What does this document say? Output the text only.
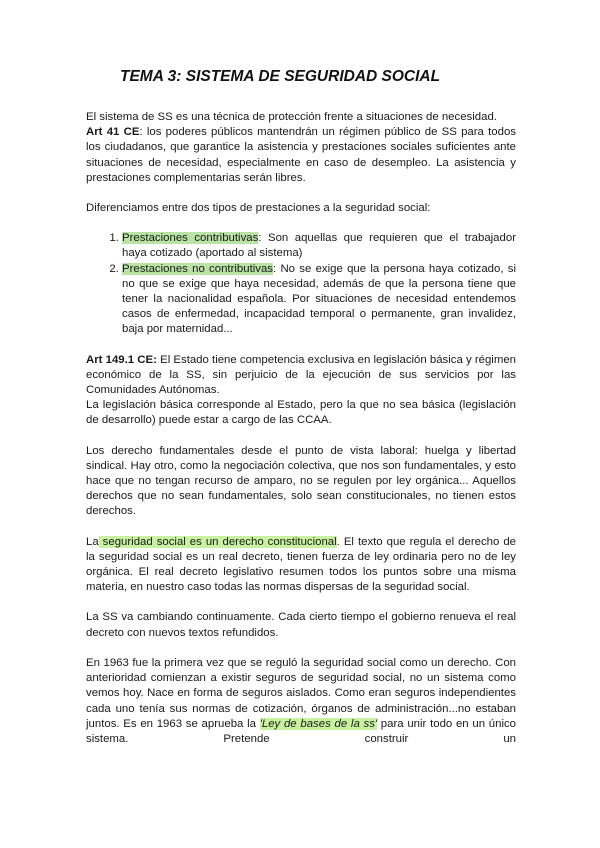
TEMA 3: SISTEMA DE SEGURIDAD SOCIAL

El sistema de SS es una técnica de protección frente a situaciones de necesidad.

Art 41 CE: los poderes públicos mantendrán un régimen público de SS para todos los ciudadanos, que garantice la asistencia y prestaciones sociales suficientes ante situaciones de necesidad, especialmente en caso de desempleo. La asistencia y prestaciones complementarias serán libres.

Diferenciamos entre dos tipos de prestaciones a la seguridad social:

1. Prestaciones contributivas: Son aquellas que requieren que el trabajador haya cotizado (aportado al sistema)
2. Prestaciones no contributivas: No se exige que la persona haya cotizado, si no que se exige que haya necesidad, además de que la persona tiene que tener la nacionalidad española. Por situaciones de necesidad entendemos casos de enfermedad, incapacidad temporal o permanente, gran invalidez, baja por maternidad...

Art 149.1 CE: El Estado tiene competencia exclusiva en legislación básica y régimen económico de la SS, sin perjuicio de la ejecución de sus servicios por las Comunidades Autónomas.

La legislación básica corresponde al Estado, pero la que no sea básica (legislación de desarrollo) puede estar a cargo de las CCAA.

Los derecho fundamentales desde el punto de vista laboral: huelga y libertad sindical. Hay otro, como la negociación colectiva, que nos son fundamentales, y esto hace que no tengan recurso de amparo, no se regulen por ley orgánica... Aquellos derechos que no sean fundamentales, solo sean constitucionales, no tienen estos derechos.

La seguridad social es un derecho constitucional. El texto que regula el derecho de la seguridad social es un real decreto, tienen fuerza de ley ordinaria pero no de ley orgánica. El real decreto legislativo resumen todos los puntos sobre una misma materia, en nuestro caso todas las normas dispersas de la seguridad social.

La SS va cambiando continuamente. Cada cierto tiempo el gobierno renueva el real decreto con nuevos textos refundidos.

En 1963 fue la primera vez que se reguló la seguridad social como un derecho. Con anterioridad comienzan a existir seguros de seguridad social, no un sistema como vemos hoy. Nace en forma de seguros aislados. Como eran seguros independientes cada uno tenía sus normas de cotización, órganos de administración...no estaban juntos. Es en 1963 se aprueba la 'Ley de bases de la ss' para unir todo en un único sistema. Pretende construir un
